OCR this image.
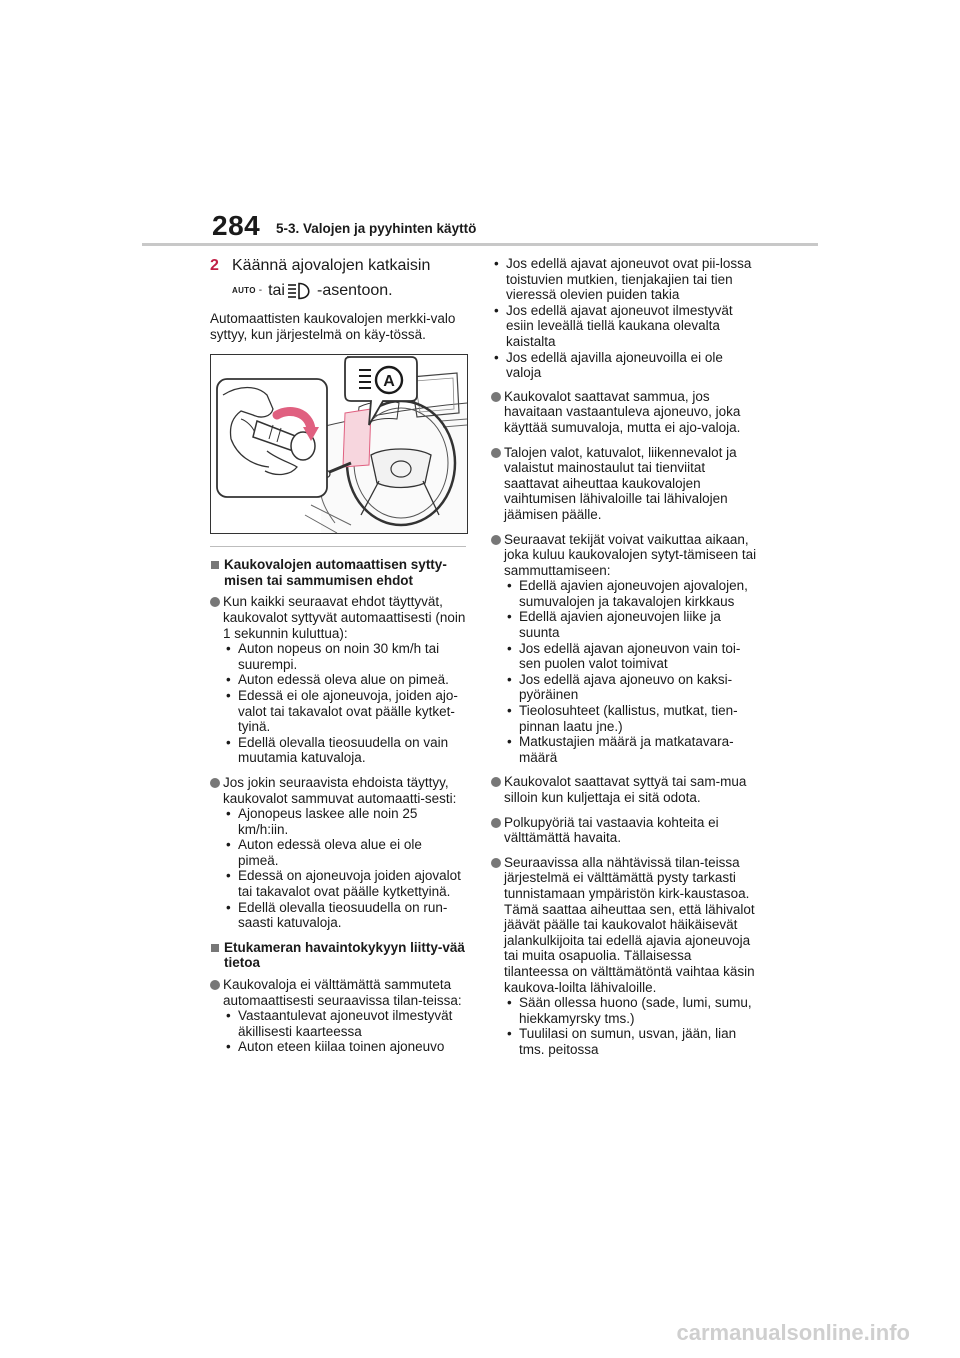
284 5-3. Valojen ja pyyhinten käyttö
2 Käännä ajovalojen katkaisin
AUTO - tai -asentoon.

Automaattisten kaukovalojen merkki-valo syttyy, kun järjestelmä on käy-tössä.

A
Kaukovalojen automaattisen sytty-misen tai sammumisen ehdot
Kun kaikki seuraavat ehdot täyttyvät, kaukovalot syttyvät automaattisesti (noin 1 sekunnin kuluttua):
• Auton nopeus on noin 30 km/h tai suurempi.
• Auton edessä oleva alue on pimeä.
• Edessä ei ole ajoneuvoja, joiden ajo-valot tai takavalot ovat päälle kytket-tyinä.
• Edellä olevalla tieosuudella on vain muutamia katuvaloja.
Jos jokin seuraavista ehdoista täyttyy, kaukovalot sammuvat automaatti-sesti:
• Ajonopeus laskee alle noin 25 km/h:iin.
• Auton edessä oleva alue ei ole pimeä.
• Edessä on ajoneuvoja joiden ajovalot tai takavalot ovat päälle kytkettyinä.
• Edellä olevalla tieosuudella on run-saasti katuvaloja.
Etukameran havaintokykyyn liitty-vää tietoa
Kaukovaloja ei välttämättä sammuteta automaattisesti seuraavissa tilan-teissa:
• Vastaantulevat ajoneuvot ilmestyvät äkillisesti kaarteessa
• Auton eteen kiilaa toinen ajoneuvo
• Jos edellä ajavat ajoneuvot ovat pii-lossa toistuvien mutkien, tienjakajien tai tien vieressä olevien puiden takia
• Jos edellä ajavat ajoneuvot ilmestyvät esiin leveällä tiellä kaukana olevalta kaistalta
• Jos edellä ajavilla ajoneuvoilla ei ole valoja
Kaukovalot saattavat sammua, jos havaitaan vastaantuleva ajoneuvo, joka käyttää sumuvaloja, mutta ei ajo-valoja.
Talojen valot, katuvalot, liikennevalot ja valaistut mainostaulut tai tienviitat saattavat aiheuttaa kaukovalojen vaihtumisen lähivaloille tai lähivalojen jäämisen päälle.
Seuraavat tekijät voivat vaikuttaa aikaan, joka kuluu kaukovalojen sytyt-tämiseen tai sammuttamiseen:
• Edellä ajavien ajoneuvojen ajovalojen, sumuvalojen ja takavalojen kirkkaus
• Edellä ajavien ajoneuvojen liike ja suunta
• Jos edellä ajavan ajoneuvon vain toi-sen puolen valot toimivat
• Jos edellä ajava ajoneuvo on kaksi-pyöräinen
• Tieolosuhteet (kallistus, mutkat, tien-pinnan laatu jne.)
• Matkustajien määrä ja matkatavara-määrä
Kaukovalot saattavat syttyä tai sam-mua silloin kun kuljettaja ei sitä odota.
Polkupyöriä tai vastaavia kohteita ei välttämättä havaita.
Seuraavissa alla nähtävissä tilan-teissa järjestelmä ei välttämättä pysty tarkasti tunnistamaan ympäristön kirk-kaustasoa. Tämä saattaa aiheuttaa sen, että lähivalot jäävät päälle tai kaukovalot häikäisevät jalankulkijoita tai edellä ajavia ajoneuvoja tai muita osapuolia. Tällaisessa tilanteessa on välttämätöntä vaihtaa käsin kaukova-loilta lähivaloille.
• Sään ollessa huono (sade, lumi, sumu, hiekkamyrsky tms.)
• Tuulilasi on sumun, usvan, jään, lian tms. peitossa
carmanualsonline.info
